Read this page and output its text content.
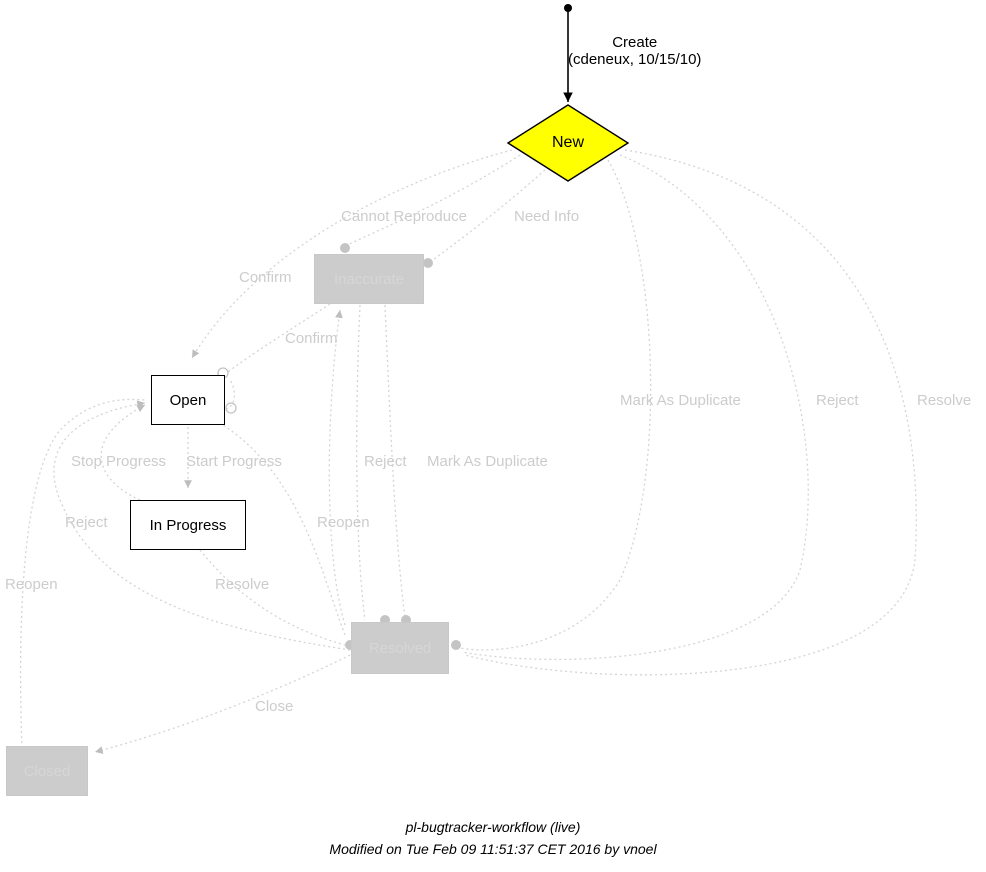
Create
(cdeneux, 10/15/10)
New
Inaccurate
Open
In Progress
Resolved
Closed
Cannot Reproduce	Need Info
Confirm
Confirm
Mark As Duplicate	Reject	Resolve
Stop Progress Start Progress	Reject Mark As Duplicate
Reject	Reopen
Reopen	Resolve
Close
pl-bugtracker-workflow (live)
Modified on Tue Feb 09 11:51:37 CET 2016 by vnoel
